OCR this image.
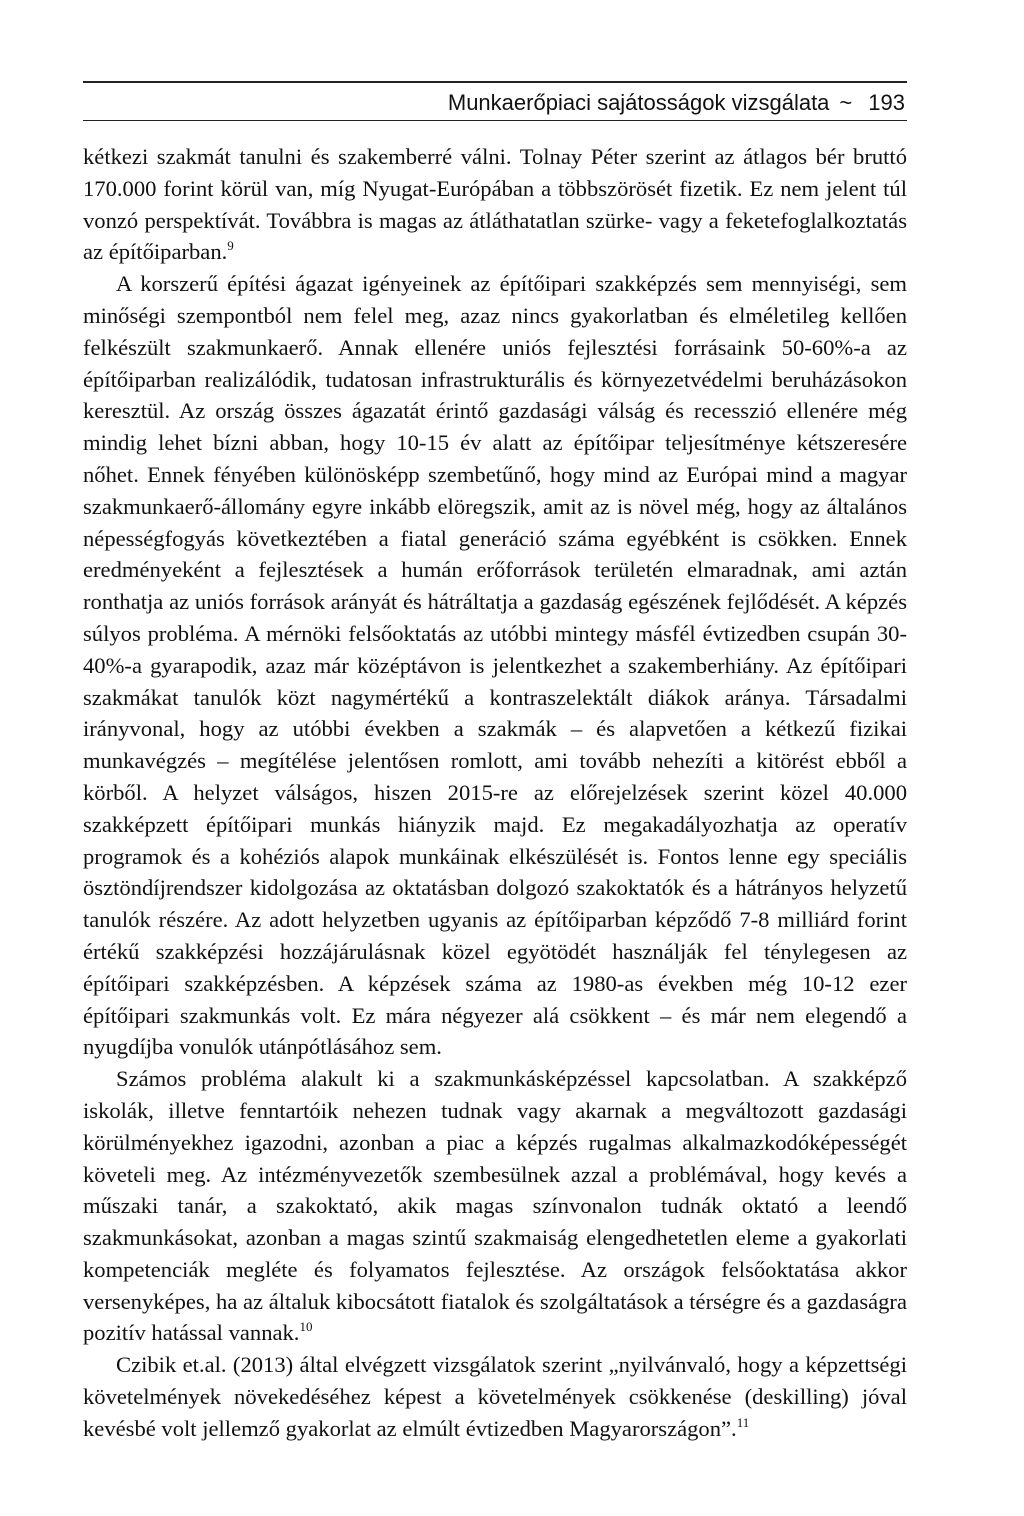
Munkaerőpiaci sajátosságok vizsgálata ~ 193

kétkezi szakmát tanulni és szakemberré válni. Tolnay Péter szerint az átlagos bér bruttó 170.000 forint körül van, míg Nyugat-Európában a többszörösét fizetik. Ez nem jelent túl vonzó perspektívát. Továbbra is magas az átláthatatlan szürke- vagy a feketefoglalkoztatás az építőiparban.$^9$

A korszerű építési ágazat igényeinek az építőipari szakképzés sem mennyiségi, sem minőségi szempontból nem felel meg, azaz nincs gyakorlatban és elméletileg kellően felkészült szakmunkaerő. Annak ellenére uniós fejlesztési forrásaink 50-60%-a az építőiparban realizálódik, tudatosan infrastrukturális és környezetvédelmi beruházásokon keresztül. Az ország összes ágazatát érintő gazdasági válság és recesszió ellenére még mindig lehet bízni abban, hogy 10-15 év alatt az építőipar teljesítménye kétszeresére nőhet. Ennek fényében különösképp szembetűnő, hogy mind az Európai mind a magyar szakmunkaerő-állomány egyre inkább elöregszik, amit az is növel még, hogy az általános népességfogyás következtében a fiatal generáció száma egyébként is csökken. Ennek eredményeként a fejlesztések a humán erőforrások területén elmaradnak, ami aztán ronthatja az uniós források arányát és hátráltatja a gazdaság egészének fejlődését. A képzés súlyos probléma. A mérnöki felsőoktatás az utóbbi mintegy másfél évtizedben csupán 30-40%-a gyarapodik, azaz már középtávon is jelentkezhet a szakemberhiány. Az építőipari szakmákat tanulók közt nagymértékű a kontraszelektált diákok aránya. Társadalmi irányvonal, hogy az utóbbi években a szakmák – és alapvetően a kétkezű fizikai munkavégzés – megítélése jelentősen romlott, ami tovább nehezíti a kitörést ebből a körből. A helyzet válságos, hiszen 2015-re az előrejelzések szerint közel 40.000 szakképzett építőipari munkás hiányzik majd. Ez megakadályozhatja az operatív programok és a kohéziós alapok munkáinak elkészülését is. Fontos lenne egy speciális ösztöndíjrendszer kidolgozása az oktatásban dolgozó szakoktatók és a hátrányos helyzetű tanulók részére. Az adott helyzetben ugyanis az építőiparban képződő 7-8 milliárd forint értékű szakképzési hozzájárulásnak közel egyötödét használják fel ténylegesen az építőipari szakképzésben. A képzések száma az 1980-as években még 10-12 ezer építőipari szakmunkás volt. Ez mára négyezer alá csökkent – és már nem elegendő a nyugdíjba vonulók utánpótlásához sem.

Számos probléma alakult ki a szakmunkásképzéssel kapcsolatban. A szakképző iskolák, illetve fenntartóik nehezen tudnak vagy akarnak a megváltozott gazdasági körülményekhez igazodni, azonban a piac a képzés rugalmas alkalmazkodóképességét követeli meg. Az intézményvezetők szembesülnek azzal a problémával, hogy kevés a műszaki tanár, a szakoktató, akik magas színvonalon tudnák oktató a leendő szakmunkásokat, azonban a magas szintű szakmaiság elengedhetetlen eleme a gyakorlati kompetenciák megléte és folyamatos fejlesztése. Az országok felsőoktatása akkor versenyképes, ha az általuk kibocsátott fiatalok és szolgáltatások a térségre és a gazdaságra pozitív hatással vannak.$^{10}$

Czibik et.al. (2013) által elvégzett vizsgálatok szerint „nyilvánvaló, hogy a képzettségi követelmények növekedéséhez képest a követelmények csökkenése (deskilling) jóval kevésbé volt jellemző gyakorlat az elmúlt évtizedben Magyarországon”.$^{11}$
